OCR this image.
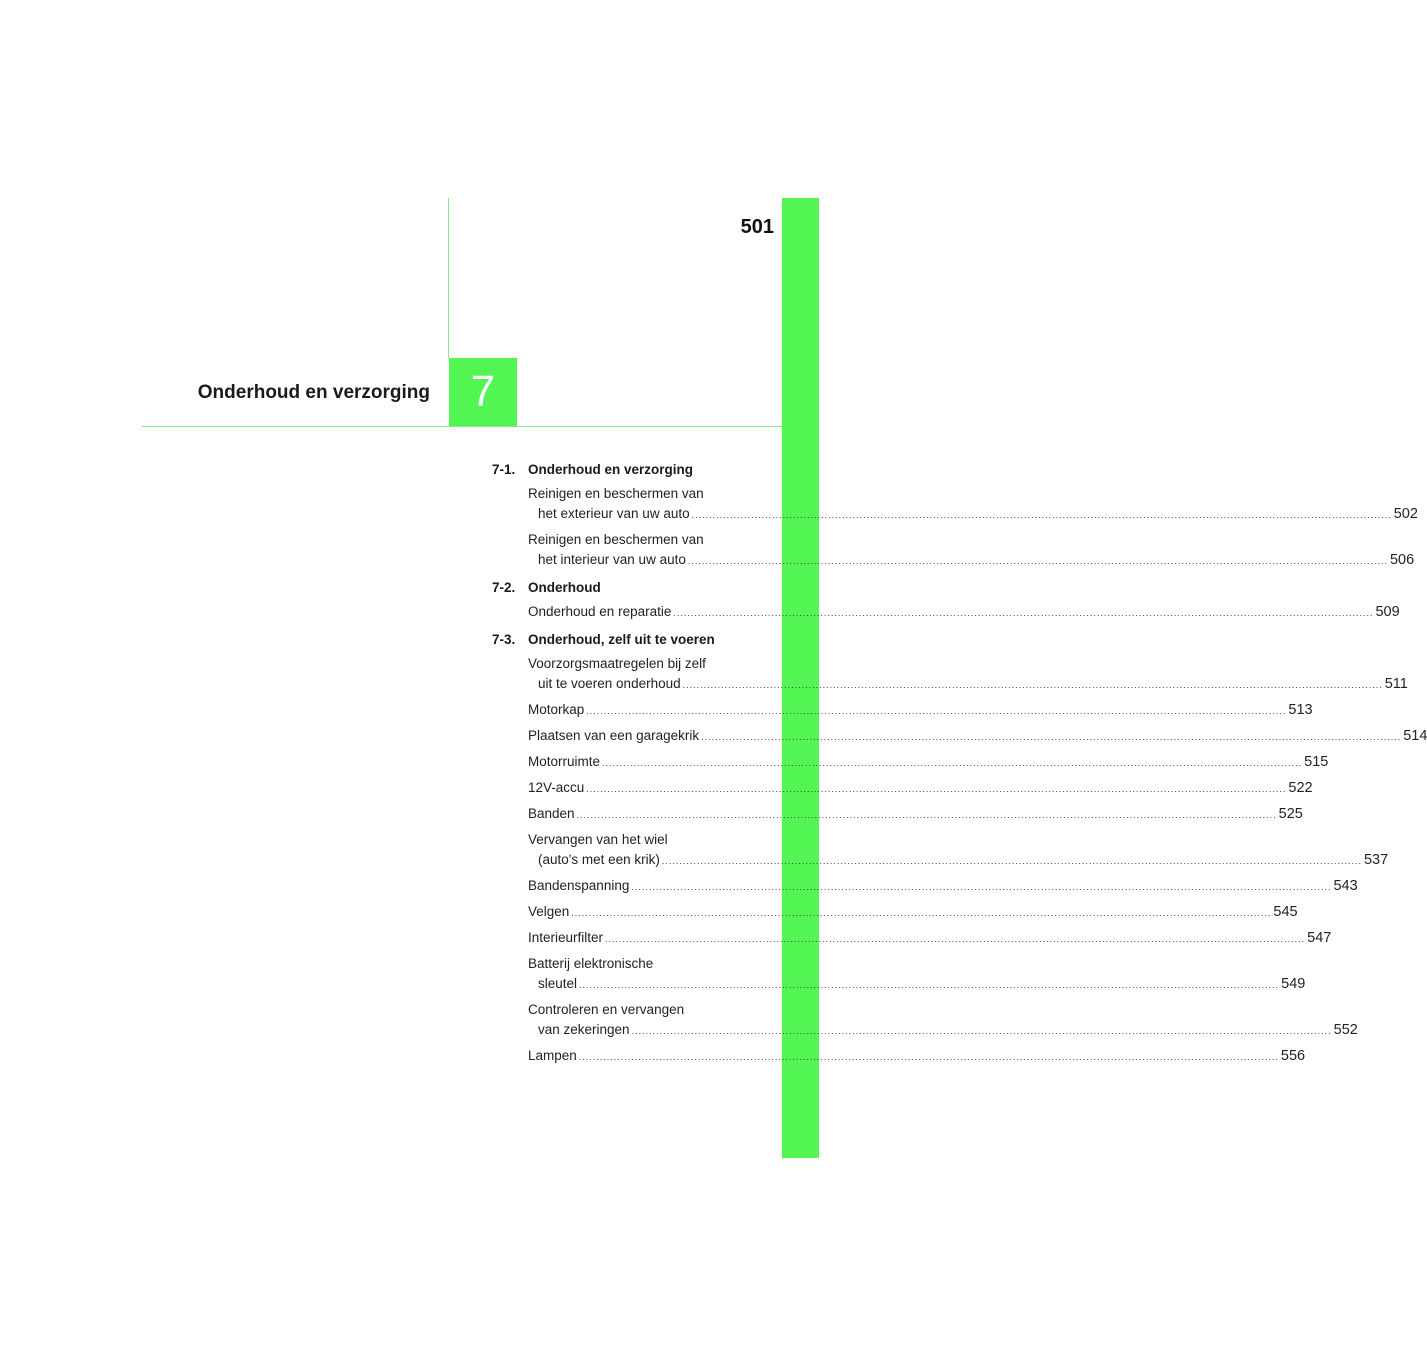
501
Onderhoud en verzorging 7
7-1. Onderhoud en verzorging
Reinigen en beschermen van
het exterieur van uw auto ........................................................................................................................................................................................................ 502
Reinigen en beschermen van
het interieur van uw auto ........................................................................................................................................................................................................ 506
7-2. Onderhoud
Onderhoud en reparatie ........................................................................................................................................................................................................ 509
7-3. Onderhoud, zelf uit te voeren
Voorzorgsmaatregelen bij zelf
uit te voeren onderhoud ........................................................................................................................................................................................................ 511
Motorkap ........................................................................................................................................................................................................ 513
Plaatsen van een garagekrik ........................................................................................................................................................................................................ 514
Motorruimte ........................................................................................................................................................................................................ 515
12V-accu ........................................................................................................................................................................................................ 522
Banden ........................................................................................................................................................................................................ 525
Vervangen van het wiel
(auto's met een krik) ........................................................................................................................................................................................................ 537
Bandenspanning ........................................................................................................................................................................................................ 543
Velgen ........................................................................................................................................................................................................ 545
Interieurfilter ........................................................................................................................................................................................................ 547
Batterij elektronische
sleutel ........................................................................................................................................................................................................ 549
Controleren en vervangen
van zekeringen ........................................................................................................................................................................................................ 552
Lampen ........................................................................................................................................................................................................ 556
